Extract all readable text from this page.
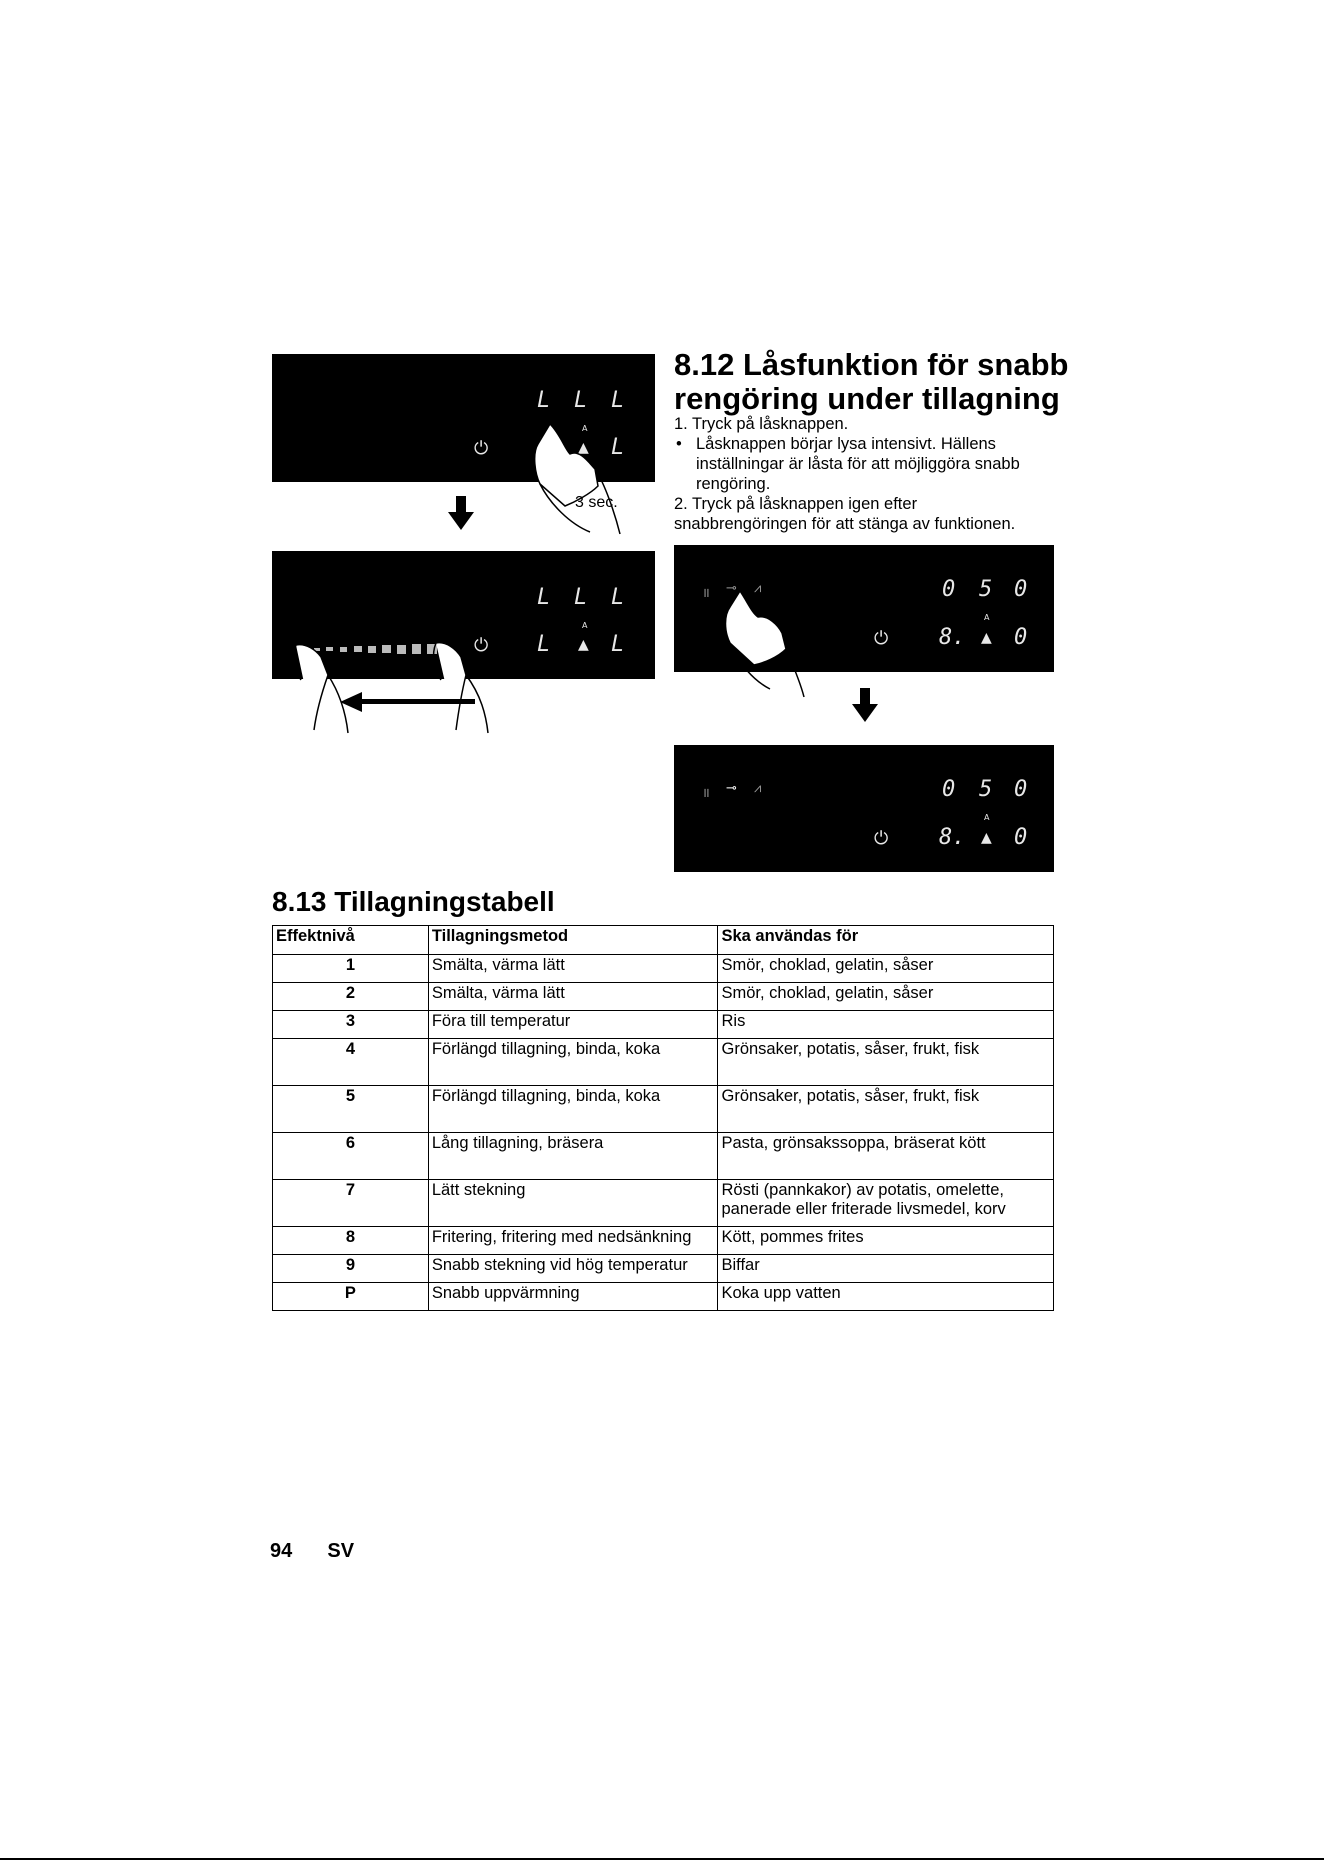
L L L
A
⏻	▲ L
3 sec.
L L L
A
⏻ L ▲ L
8.12 Låsfunktion för snabb
rengöring under tillagning
1. Tryck på låsknappen.
• Låsknappen börjar lysa intensivt. Hällens
inställningar är låsta för att möjliggöra snabb
rengöring.
2. Tryck på låsknappen igen efter
snabbrengöringen för att stänga av funktionen.
॥ ⊸ ⩘	0 5 0
A
⏻ 8. ▲ 0
॥ ⊸ ⩘	0 5 0
A
⏻ 8. ▲ 0
8.13 Tillagningstabell
Effektnivå	Tillagningsmetod	Ska användas för
1	Smälta, värma lätt	Smör, choklad, gelatin, såser
2	Smälta, värma lätt	Smör, choklad, gelatin, såser
3	Föra till temperatur	Ris
4	Förlängd tillagning, binda, koka	Grönsaker, potatis, såser, frukt, fisk
5	Förlängd tillagning, binda, koka	Grönsaker, potatis, såser, frukt, fisk
6	Lång tillagning, bräsera	Pasta, grönsakssoppa, bräserat kött
7	Lätt stekning	Rösti (pannkakor) av potatis, omelette, panerade eller friterade livsmedel, korv
8	Fritering, fritering med nedsänkning	Kött, pommes frites
9	Snabb stekning vid hög temperatur	Biffar
P	Snabb uppvärmning	Koka upp vatten
94 SV
